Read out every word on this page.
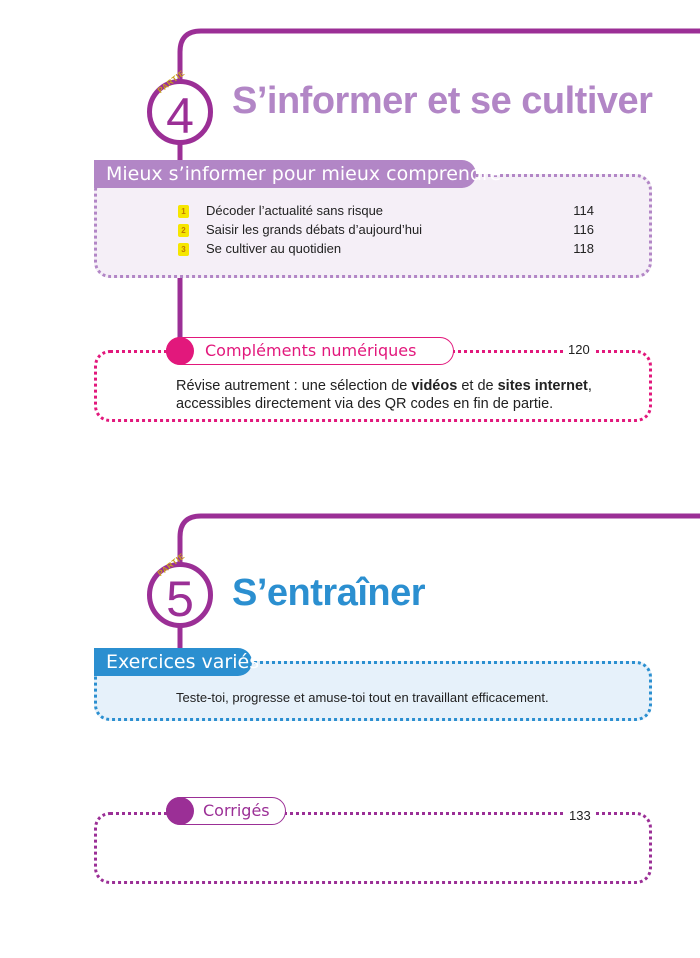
PARTIE
4	S’informer et se cultiver
Mieux s’informer pour mieux comprendre
1 Décoder l’actualité sans risque	114
2 Saisir les grands débats d’aujourd’hui	116
3 Se cultiver au quotidien	118
Compléments numériques	120
Révise autrement : une sélection de vidéos et de sites internet,
accessibles directement via des QR codes en fin de partie.
PARTIE
5	S’entraîner
Exercices variés
Teste-toi, progresse et amuse-toi tout en travaillant efficacement.
Corrigés	133
